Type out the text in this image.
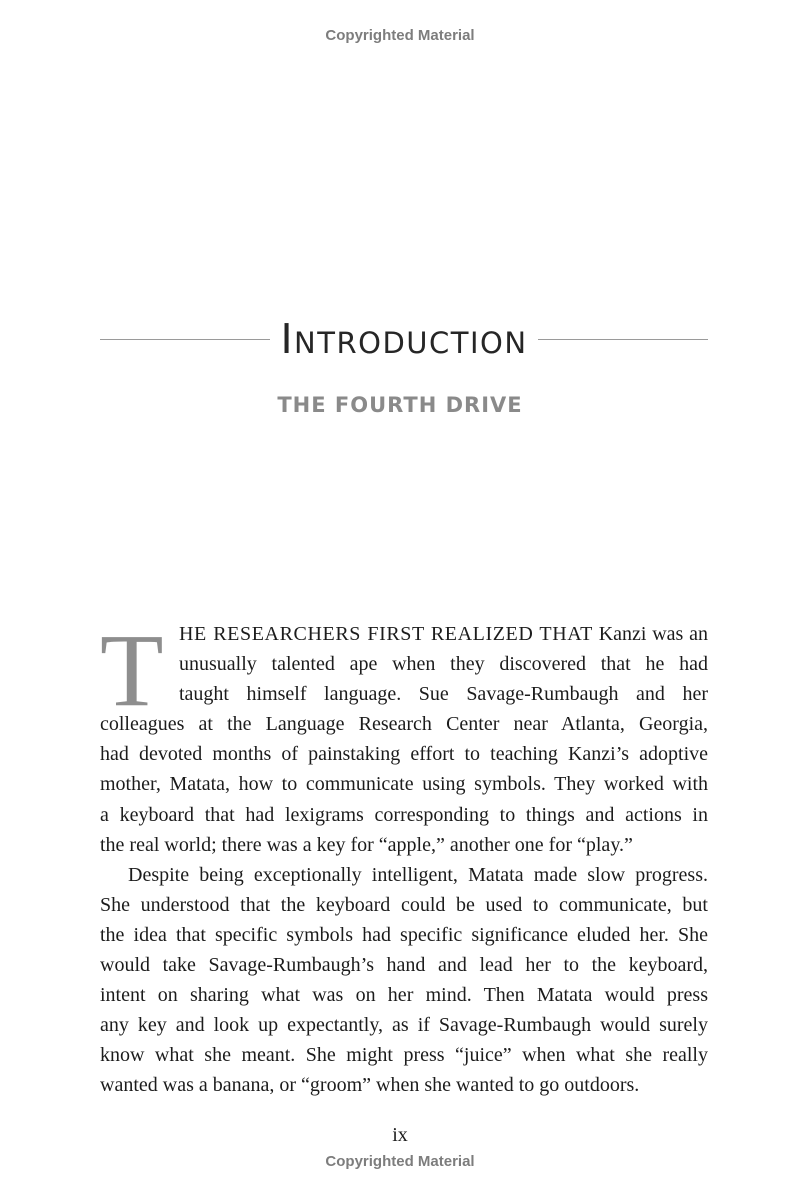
Copyrighted Material
Introduction
THE FOURTH DRIVE
T HE RESEARCHERS FIRST REALIZED THAT Kanzi was an
unusually talented ape when they discovered that he had
taught himself language. Sue Savage-Rumbaugh and her
colleagues at the Language Research Center near Atlanta, Georgia,
had devoted months of painstaking effort to teaching Kanzi’s adoptive
mother, Matata, how to communicate using symbols. They worked with
a keyboard that had lexigrams corresponding to things and actions in
the real world; there was a key for “apple,” another one for “play.”
Despite being exceptionally intelligent, Matata made slow progress.
She understood that the keyboard could be used to communicate, but
the idea that specific symbols had specific significance eluded her. She
would take Savage-Rumbaugh’s hand and lead her to the keyboard,
intent on sharing what was on her mind. Then Matata would press
any key and look up expectantly, as if Savage-Rumbaugh would surely
know what she meant. She might press “juice” when what she really
wanted was a banana, or “groom” when she wanted to go outdoors.
ix
Copyrighted Material
